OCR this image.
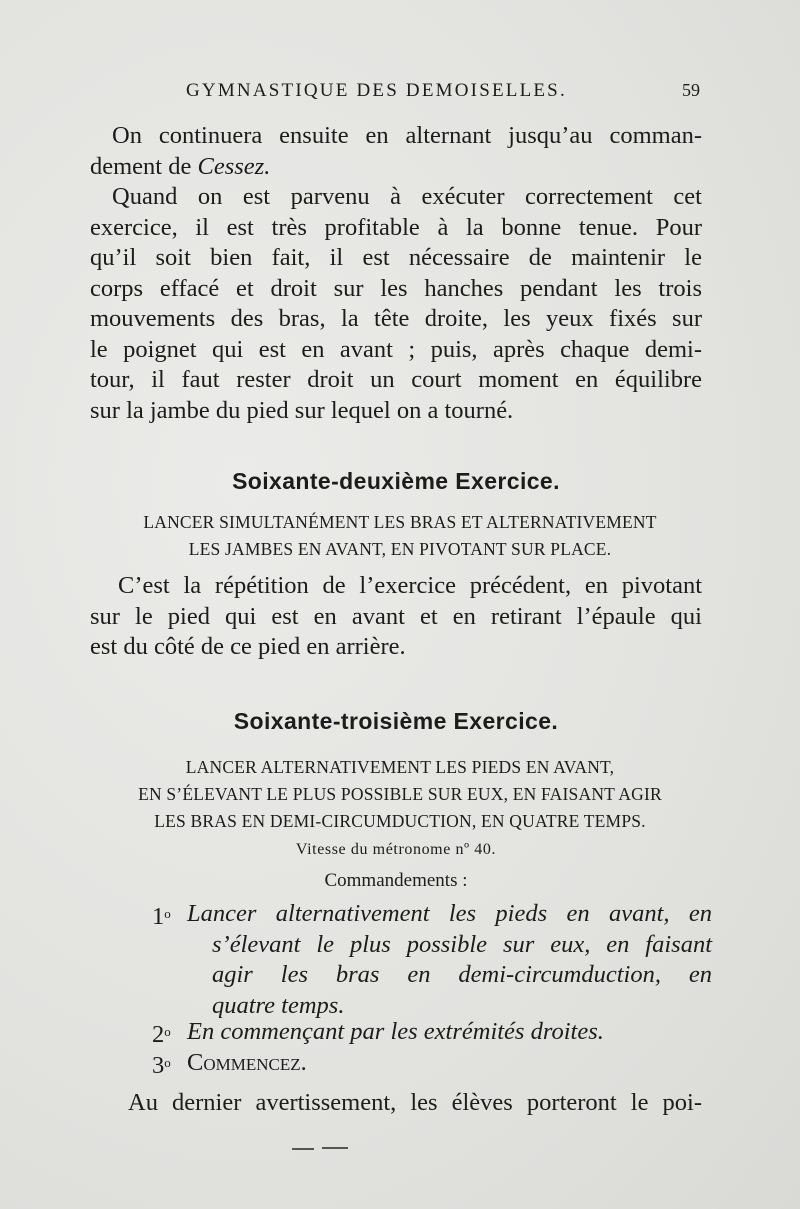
GYMNASTIQUE DES DEMOISELLES.	59

On continuera ensuite en alternant jusqu’au comman-

dement de Cessez.

Quand on est parvenu à exécuter correctement cet
exercice, il est très profitable à la bonne tenue. Pour
qu’il soit bien fait, il est nécessaire de maintenir le
corps effacé et droit sur les hanches pendant les trois
mouvements des bras, la tête droite, les yeux fixés sur
le poignet qui est en avant ; puis, après chaque demi-
tour, il faut rester droit un court moment en équilibre
sur la jambe du pied sur lequel on a tourné.
Soixante-deuxième Exercice.
LANCER SIMULTANÉMENT LES BRAS ET ALTERNATIVEMENT
LES JAMBES EN AVANT, EN PIVOTANT SUR PLACE.
C’est la répétition de l’exercice précédent, en pivotant
sur le pied qui est en avant et en retirant l’épaule qui
est du côté de ce pied en arrière.
Soixante-troisième Exercice.
LANCER ALTERNATIVEMENT LES PIEDS EN AVANT,
EN S’ÉLEVANT LE PLUS POSSIBLE SUR EUX, EN FAISANT AGIR
LES BRAS EN DEMI-CIRCUMDUCTION, EN QUATRE TEMPS.
Vitesse du métronome nº 40.
Commandements :
1$^o$ Lancer alternativement les pieds en avant, en
s’élevant le plus possible sur eux, en faisant
agir les bras en demi-circumduction, en
quatre temps.
2$^o$ En commençant par les extrémités droites.
3$^o$ Commencez.
Au dernier avertissement, les élèves porteront le poi-
